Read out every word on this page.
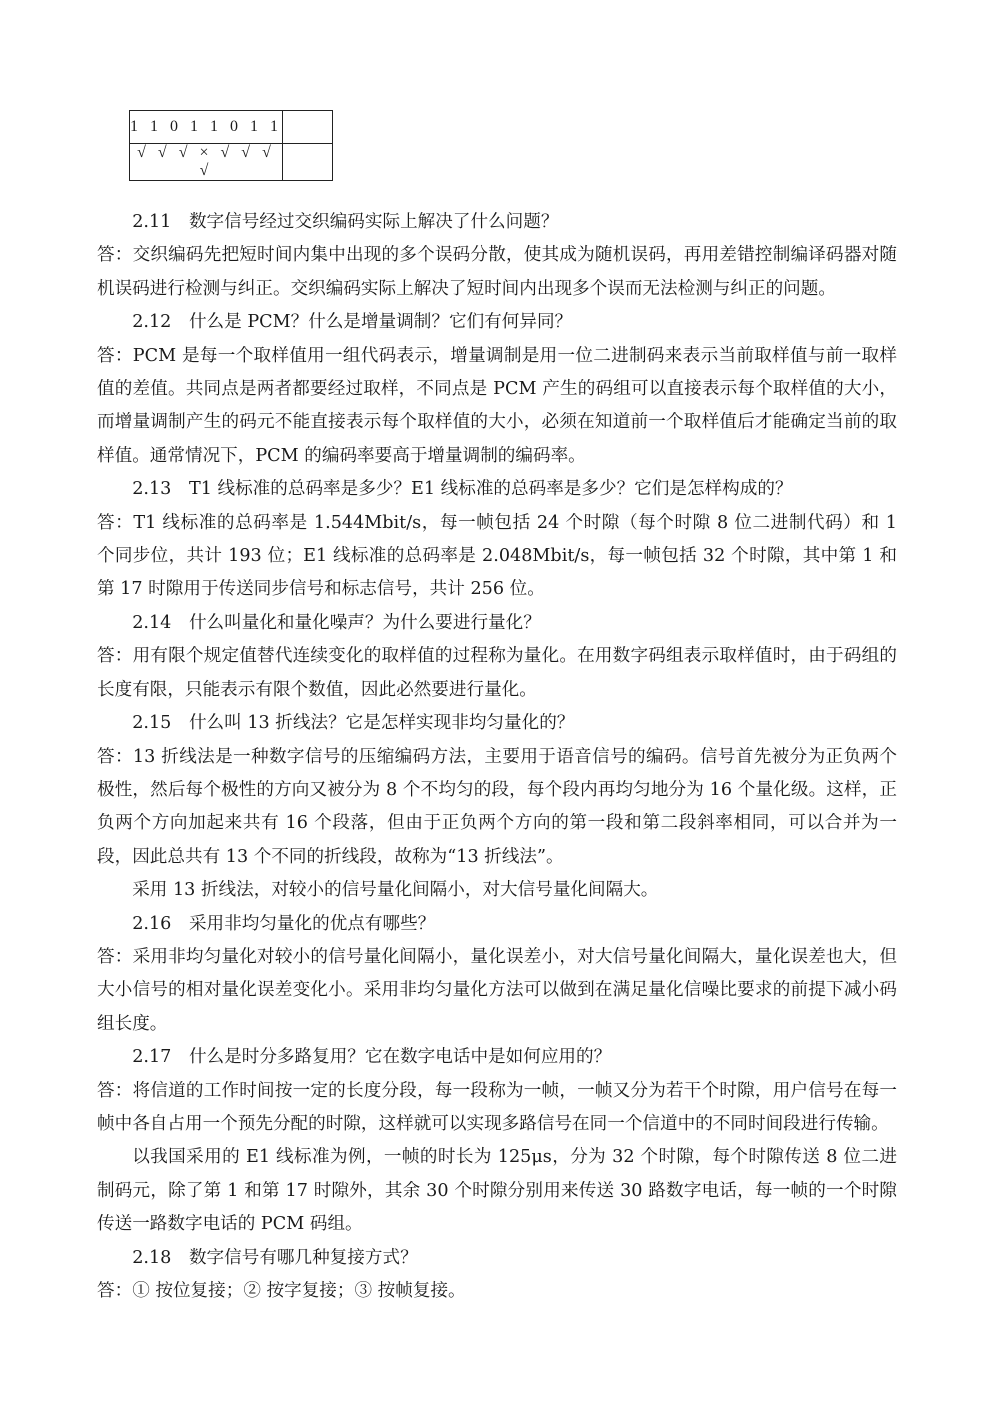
1 1 0 1 1 0 1 1	
√ √ √ × √ √ √ √	

2.11　数字信号经过交织编码实际上解决了什么问题？

答：交织编码先把短时间内集中出现的多个误码分散，使其成为随机误码，再用差错控制编译码器对随机误码进行检测与纠正。交织编码实际上解决了短时间内出现多个误而无法检测与纠正的问题。

2.12　什么是 PCM？什么是增量调制？它们有何异同？

答：PCM 是每一个取样值用一组代码表示，增量调制是用一位二进制码来表示当前取样值与前一取样值的差值。共同点是两者都要经过取样，不同点是 PCM 产生的码组可以直接表示每个取样值的大小，而增量调制产生的码元不能直接表示每个取样值的大小，必须在知道前一个取样值后才能确定当前的取样值。通常情况下，PCM 的编码率要高于增量调制的编码率。

2.13　T1 线标准的总码率是多少？E1 线标准的总码率是多少？它们是怎样构成的？

答：T1 线标准的总码率是 1.544Mbit/s，每一帧包括 24 个时隙（每个时隙 8 位二进制代码）和 1 个同步位，共计 193 位；E1 线标准的总码率是 2.048Mbit/s，每一帧包括 32 个时隙，其中第 1 和第 17 时隙用于传送同步信号和标志信号，共计 256 位。

2.14　什么叫量化和量化噪声？为什么要进行量化？

答：用有限个规定值替代连续变化的取样值的过程称为量化。在用数字码组表示取样值时，由于码组的长度有限，只能表示有限个数值，因此必然要进行量化。

2.15　什么叫 13 折线法？它是怎样实现非均匀量化的？

答：13 折线法是一种数字信号的压缩编码方法，主要用于语音信号的编码。信号首先被分为正负两个极性，然后每个极性的方向又被分为 8 个不均匀的段，每个段内再均匀地分为 16 个量化级。这样，正负两个方向加起来共有 16 个段落，但由于正负两个方向的第一段和第二段斜率相同，可以合并为一段，因此总共有 13 个不同的折线段，故称为“13 折线法”。

采用 13 折线法，对较小的信号量化间隔小，对大信号量化间隔大。

2.16　采用非均匀量化的优点有哪些？

答：采用非均匀量化对较小的信号量化间隔小，量化误差小，对大信号量化间隔大，量化误差也大，但大小信号的相对量化误差变化小。采用非均匀量化方法可以做到在满足量化信噪比要求的前提下减小码组长度。

2.17　什么是时分多路复用？它在数字电话中是如何应用的？

答：将信道的工作时间按一定的长度分段，每一段称为一帧，一帧又分为若干个时隙，用户信号在每一帧中各自占用一个预先分配的时隙，这样就可以实现多路信号在同一个信道中的不同时间段进行传输。

以我国采用的 E1 线标准为例，一帧的时长为 125μs，分为 32 个时隙，每个时隙传送 8 位二进制码元，除了第 1 和第 17 时隙外，其余 30 个时隙分别用来传送 30 路数字电话，每一帧的一个时隙传送一路数字电话的 PCM 码组。

2.18　数字信号有哪几种复接方式？

答：① 按位复接；② 按字复接；③ 按帧复接。
